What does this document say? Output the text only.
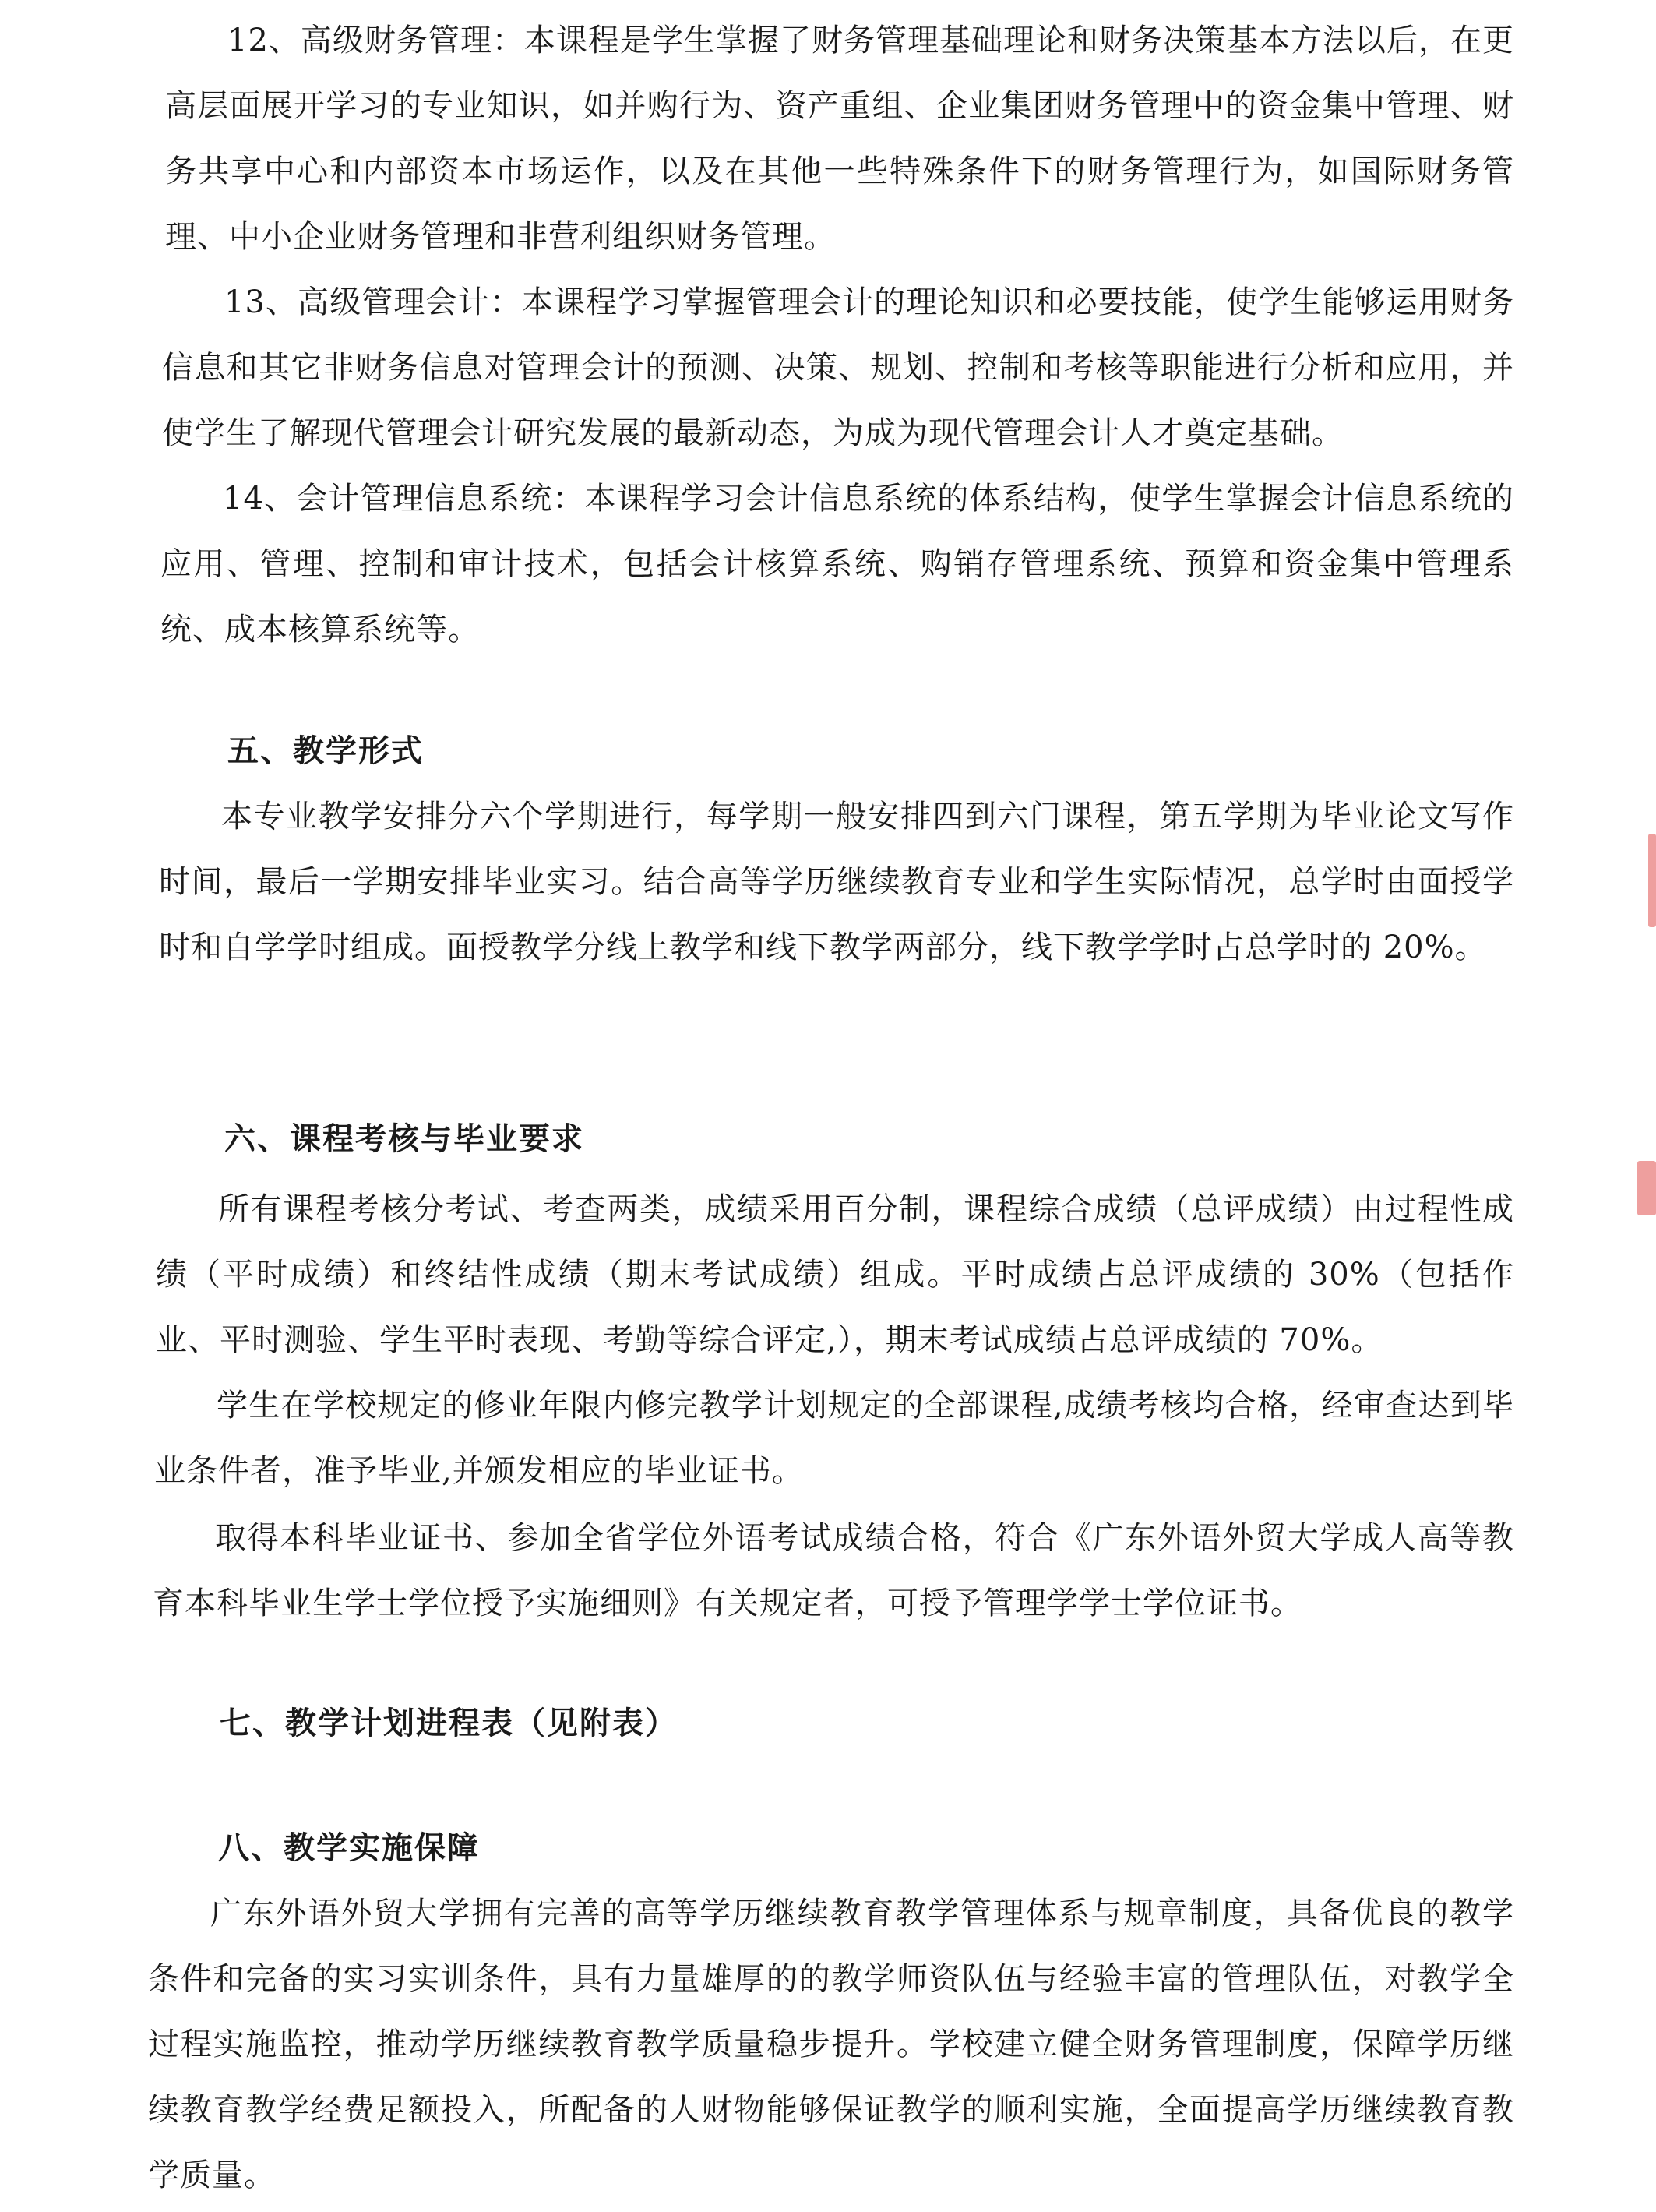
12、高级财务管理：本课程是学生掌握了财务管理基础理论和财务决策基本方法以后，在更高层面展开学习的专业知识，如并购行为、资产重组、企业集团财务管理中的资金集中管理、财务共享中心和内部资本市场运作，以及在其他一些特殊条件下的财务管理行为，如国际财务管理、中小企业财务管理和非营利组织财务管理。

13、高级管理会计：本课程学习掌握管理会计的理论知识和必要技能，使学生能够运用财务信息和其它非财务信息对管理会计的预测、决策、规划、控制和考核等职能进行分析和应用，并使学生了解现代管理会计研究发展的最新动态，为成为现代管理会计人才奠定基础。

14、会计管理信息系统：本课程学习会计信息系统的体系结构，使学生掌握会计信息系统的应用、管理、控制和审计技术，包括会计核算系统、购销存管理系统、预算和资金集中管理系统、成本核算系统等。

五、教学形式

本专业教学安排分六个学期进行，每学期一般安排四到六门课程，第五学期为毕业论文写作时间，最后一学期安排毕业实习。结合高等学历继续教育专业和学生实际情况，总学时由面授学时和自学学时组成。面授教学分线上教学和线下教学两部分，线下教学学时占总学时的 20%。

六、课程考核与毕业要求

所有课程考核分考试、考查两类，成绩采用百分制，课程综合成绩（总评成绩）由过程性成绩（平时成绩）和终结性成绩（期末考试成绩）组成。平时成绩占总评成绩的 30%（包括作业、平时测验、学生平时表现、考勤等综合评定,），期末考试成绩占总评成绩的 70%。

学生在学校规定的修业年限内修完教学计划规定的全部课程,成绩考核均合格，经审查达到毕业条件者，准予毕业,并颁发相应的毕业证书。

取得本科毕业证书、参加全省学位外语考试成绩合格，符合《广东外语外贸大学成人高等教育本科毕业生学士学位授予实施细则》有关规定者，可授予管理学学士学位证书。

七、教学计划进程表（见附表）
八、教学实施保障

广东外语外贸大学拥有完善的高等学历继续教育教学管理体系与规章制度，具备优良的教学条件和完备的实习实训条件，具有力量雄厚的的教学师资队伍与经验丰富的管理队伍，对教学全过程实施监控，推动学历继续教育教学质量稳步提升。学校建立健全财务管理制度，保障学历继续教育教学经费足额投入，所配备的人财物能够保证教学的顺利实施，全面提高学历继续教育教学质量。
